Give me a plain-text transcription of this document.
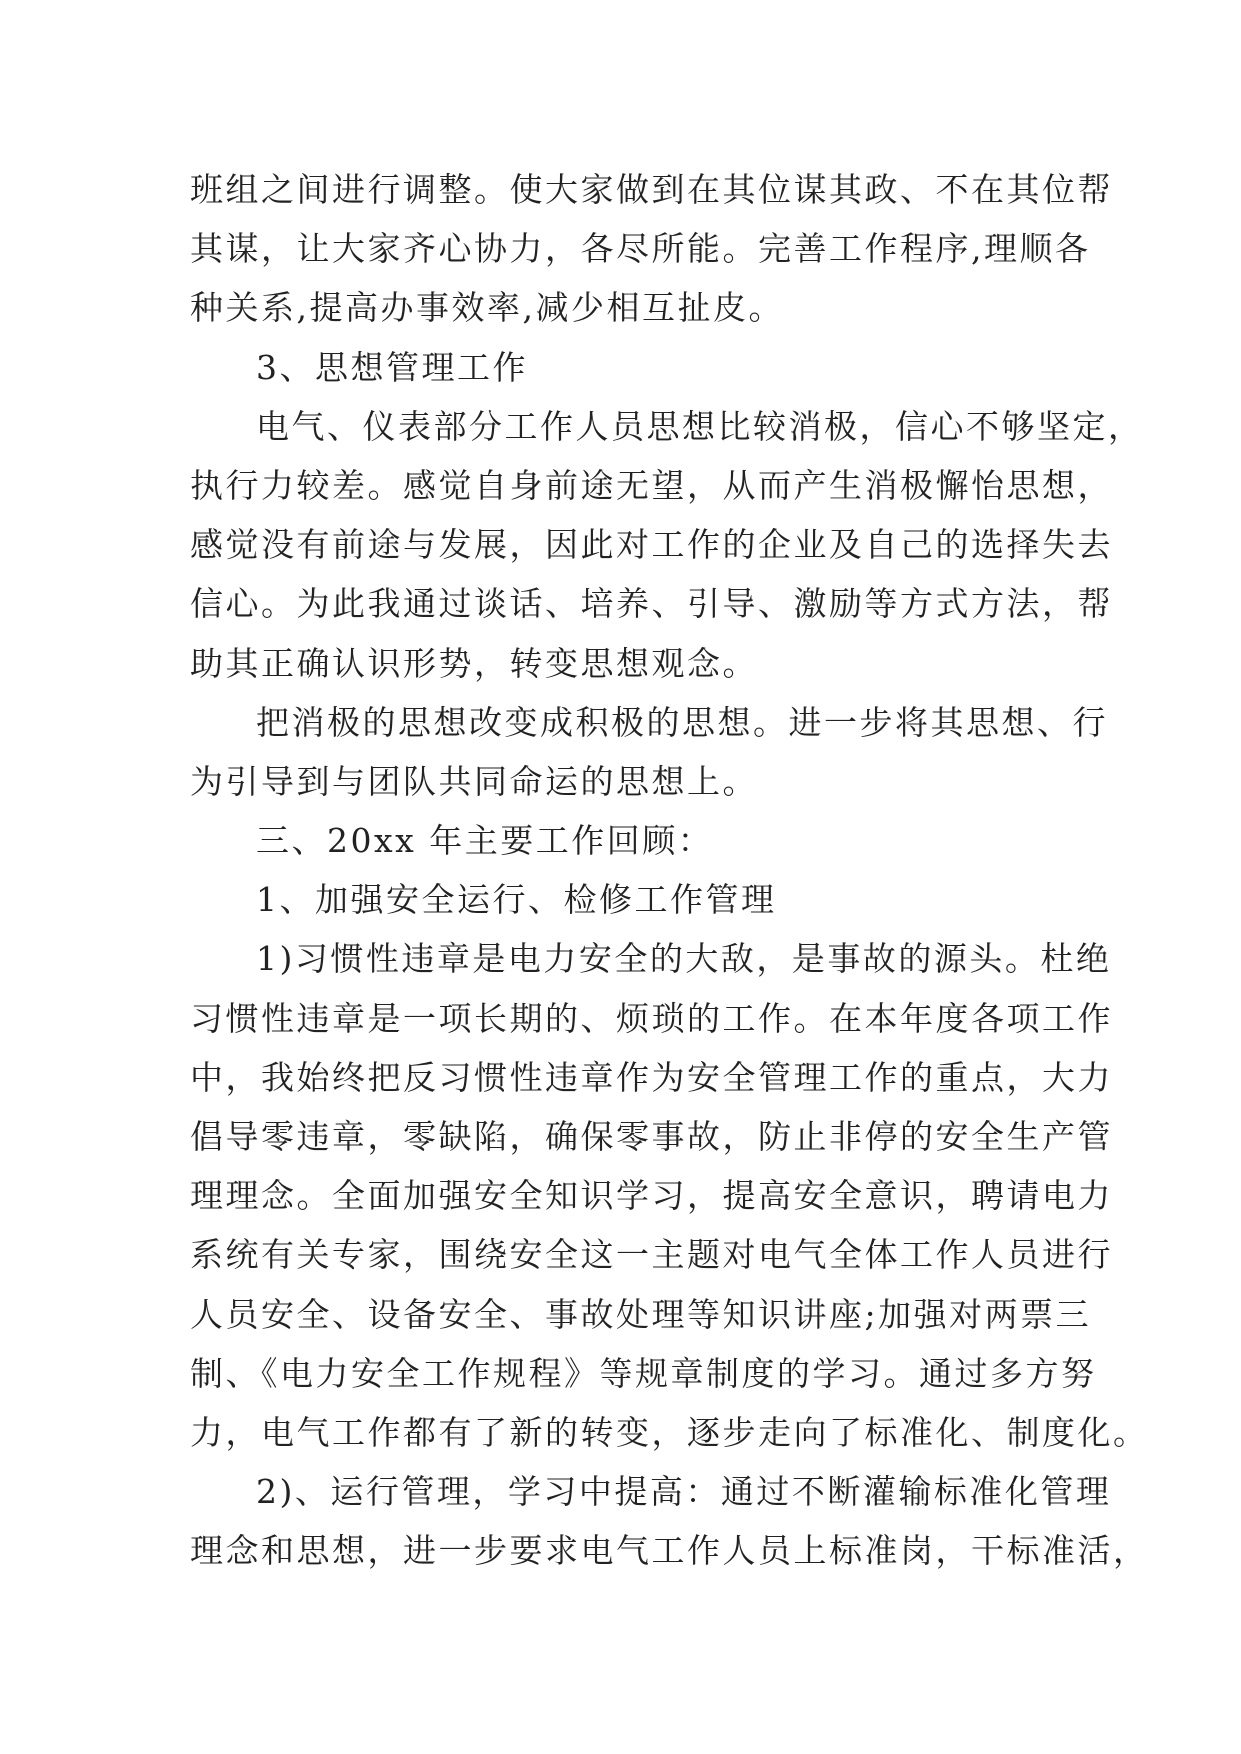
班组之间进行调整。使大家做到在其位谋其政、不在其位帮
其谋，让大家齐心协力，各尽所能。完善工作程序,理顺各
种关系,提高办事效率,减少相互扯皮。
3、思想管理工作
电气、仪表部分工作人员思想比较消极，信心不够坚定，
执行力较差。感觉自身前途无望，从而产生消极懈怡思想，
感觉没有前途与发展，因此对工作的企业及自己的选择失去
信心。为此我通过谈话、培养、引导、激励等方式方法，帮
助其正确认识形势，转变思想观念。
把消极的思想改变成积极的思想。进一步将其思想、行
为引导到与团队共同命运的思想上。
三、20xx 年主要工作回顾：
1、加强安全运行、检修工作管理
1)习惯性违章是电力安全的大敌，是事故的源头。杜绝
习惯性违章是一项长期的、烦琐的工作。在本年度各项工作
中，我始终把反习惯性违章作为安全管理工作的重点，大力
倡导零违章，零缺陷，确保零事故，防止非停的安全生产管
理理念。全面加强安全知识学习，提高安全意识，聘请电力
系统有关专家，围绕安全这一主题对电气全体工作人员进行
人员安全、设备安全、事故处理等知识讲座;加强对两票三
制、《电力安全工作规程》等规章制度的学习。通过多方努
力，电气工作都有了新的转变，逐步走向了标准化、制度化。
2)、运行管理，学习中提高：通过不断灌输标准化管理
理念和思想，进一步要求电气工作人员上标准岗，干标准活，
